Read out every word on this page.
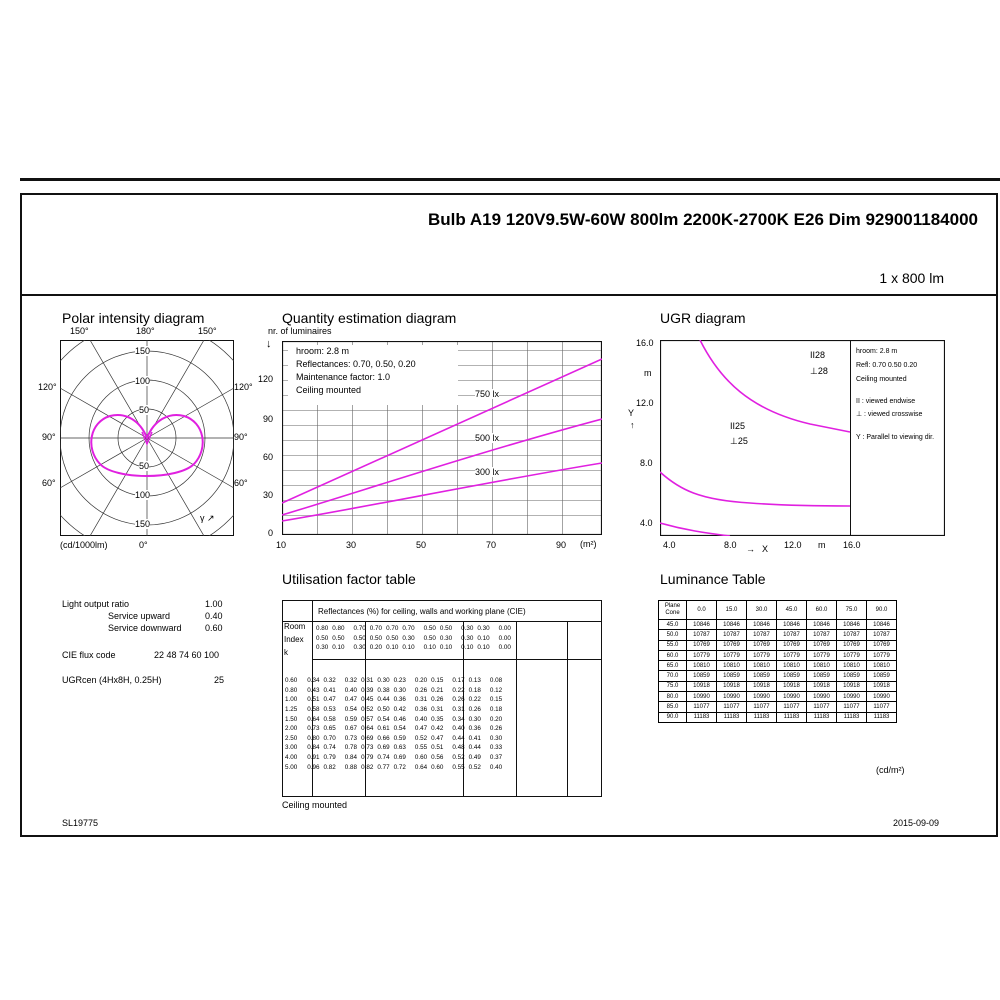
Bulb A19 120V9.5W-60W 800lm 2200K-2700K E26 Dim 929001184000
1 x 800 lm
Polar intensity diagram
150°	180°	150°
120°
90°
60°
120°
90°
60°
150
100
50
50
100
150
γ ↗
(cd/1000lm)	0°
Quantity estimation diagram
nr. of luminaires
↓
hroom: 2.8 m
Reflectances: 0.70, 0.50, 0.20
Maintenance factor: 1.0
Ceiling mounted	750 lx
500 lx
300 lx
120
90
60
30
0
10	30	50	70	90 (m²)
UGR diagram
16.0
m
12.0
Y
↑
8.0
4.0
4.0	8.0 → X 12.0 m 16.0
II28
⊥28
II25
⊥25
hroom: 2.8 m
Refl: 0.70 0.50 0.20
Ceiling mounted
II : viewed endwise
⊥ : viewed crosswise
Y : Parallel to viewing dir.
Light output ratio	1.00
Service upward	0.40
Service downward	0.60
CIE flux code	22 48 74 60 100
UGRcen (4Hx8H, 0.25H)	25
Utilisation factor table
Reflectances (%) for ceiling, walls and working plane (CIE)
Room
Index
k
0.80	0.80	0.70	0.70	0.70	0.70	0.50	0.50	0.30	0.30	0.00
0.50	0.50	0.50	0.50	0.50	0.30	0.50	0.30	0.30	0.10	0.00
0.30	0.10	0.30	0.20	0.10	0.10	0.10	0.10	0.10	0.10	0.00
0.60	0.34	0.32	0.32	0.31	0.30	0.23	0.20	0.15	0.17	0.13	0.08
0.80	0.43	0.41	0.40	0.39	0.38	0.30	0.26	0.21	0.22	0.18	0.12
1.00	0.51	0.47	0.47	0.45	0.44	0.36	0.31	0.26	0.26	0.22	0.15
1.25	0.58	0.53	0.54	0.52	0.50	0.42	0.36	0.31	0.31	0.26	0.18
1.50	0.64	0.58	0.59	0.57	0.54	0.46	0.40	0.35	0.34	0.30	0.20
2.00	0.73	0.65	0.67	0.64	0.61	0.54	0.47	0.42	0.40	0.36	0.26
2.50	0.80	0.70	0.73	0.69	0.66	0.59	0.52	0.47	0.44	0.41	0.30
3.00	0.84	0.74	0.78	0.73	0.69	0.63	0.55	0.51	0.48	0.44	0.33
4.00	0.91	0.79	0.84	0.79	0.74	0.69	0.60	0.56	0.52	0.49	0.37
5.00	0.96	0.82	0.88	0.82	0.77	0.72	0.64	0.60	0.55	0.52	0.40
Ceiling mounted
Luminance Table
Plane
Cone	0.0	15.0	30.0	45.0	60.0	75.0	90.0
45.0	10846	10846	10846	10846	10846	10846	10846
50.0	10787	10787	10787	10787	10787	10787	10787
55.0	10769	10769	10769	10769	10769	10769	10769
60.0	10779	10779	10779	10779	10779	10779	10779
65.0	10810	10810	10810	10810	10810	10810	10810
70.0	10859	10859	10859	10859	10859	10859	10859
75.0	10918	10918	10918	10918	10918	10918	10918
80.0	10990	10990	10990	10990	10990	10990	10990
85.0	11077	11077	11077	11077	11077	11077	11077
90.0	11183	11183	11183	11183	11183	11183	11183
(cd/m²)
SL19775	2015-09-09
